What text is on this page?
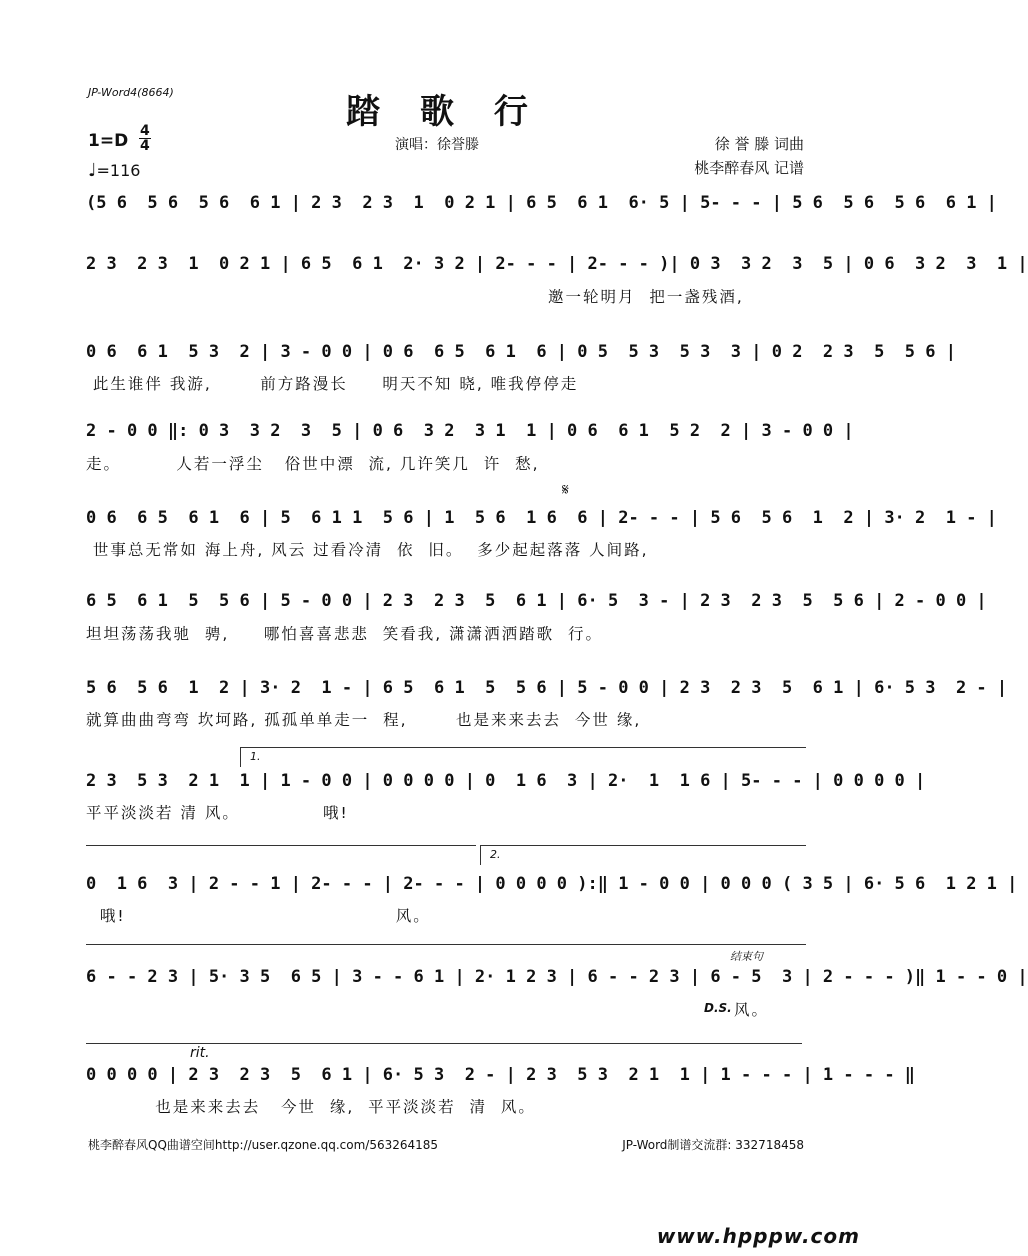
JP-Word4(8664)	踏 歌 行
演唱：徐誉滕	徐 誉 滕 词曲
桃李醉春风 记谱
1=D 4
4
♩=116
(5 6  5 6  5 6  6 1 | 2 3  2 3  1  0 2 1 | 6 5  6 1  6· 5 | 5- - - | 5 6  5 6  5 6  6 1 |
2 3  2 3  1  0 2 1 | 6 5  6 1  2· 3 2 | 2- - - | 2- - - )| 0 3  3 2  3  5 | 0 6  3 2  3  1 |
邀一轮明月  把一盏残酒,
0 6  6 1  5 3  2 | 3 - 0 0 | 0 6  6 5  6 1  6 | 0 5  5 3  5 3  3 | 0 2  2 3  5  5 6 |
此生谁伴 我游,       前方路漫长     明天不知 晓, 唯我停停走
2 - 0 0 ‖: 0 3  3 2  3  5 | 0 6  3 2  3 1  1 | 0 6  6 1  5 2  2 | 3 - 0 0 |
走。        人若一浮尘   俗世中漂  流, 几许笑几  许  愁,
𝄋
0 6  6 5  6 1  6 | 5  6 1 1  5 6 | 1  5 6  1 6  6 | 2- - - | 5 6  5 6  1  2 | 3· 2  1 - |
世事总无常如 海上舟, 风云 过看冷清  依  旧。  多少起起落落 人间路,
6 5  6 1  5  5 6 | 5 - 0 0 | 2 3  2 3  5  6 1 | 6· 5  3 - | 2 3  2 3  5  5 6 | 2 - 0 0 |
坦坦荡荡我驰  骋,     哪怕喜喜悲悲  笑看我, 潇潇洒洒踏歌  行。
5 6  5 6  1  2 | 3· 2  1 - | 6 5  6 1  5  5 6 | 5 - 0 0 | 2 3  2 3  5  6 1 | 6· 5 3  2 - |
就算曲曲弯弯 坎坷路, 孤孤单单走一  程,       也是来来去去  今世 缘,
1.
2 3  5 3  2 1  1 | 1 - 0 0 | 0 0 0 0 | 0  1 6  3 | 2·  1  1 6 | 5- - - | 0 0 0 0 |
平平淡淡若 清 风。            哦!
2.
0  1 6  3 | 2 - - 1 | 2- - - | 2- - - | 0 0 0 0 ):‖ 1 - 0 0 | 0 0 0 ( 3 5 | 6· 5 6  1 2 1 |
哦!                                       风。
结束句
6 - - 2 3 | 5· 3 5  6 5 | 3 - - 6 1 | 2· 1 2 3 | 6 - - 2 3 | 6 - 5  3 | 2 - - - )‖ 1 - - 0 |
D.S. 风。
rit.
0 0 0 0 | 2 3  2 3  5  6 1 | 6· 5 3  2 - | 2 3  5 3  2 1  1 | 1 - - - | 1 - - - ‖
也是来来去去   今世  缘,  平平淡淡若  清  风。
桃李醉春风QQ曲谱空间http://user.qzone.qq.com/563264185	JP-Word制谱交流群: 332718458
www.hpppw.com
